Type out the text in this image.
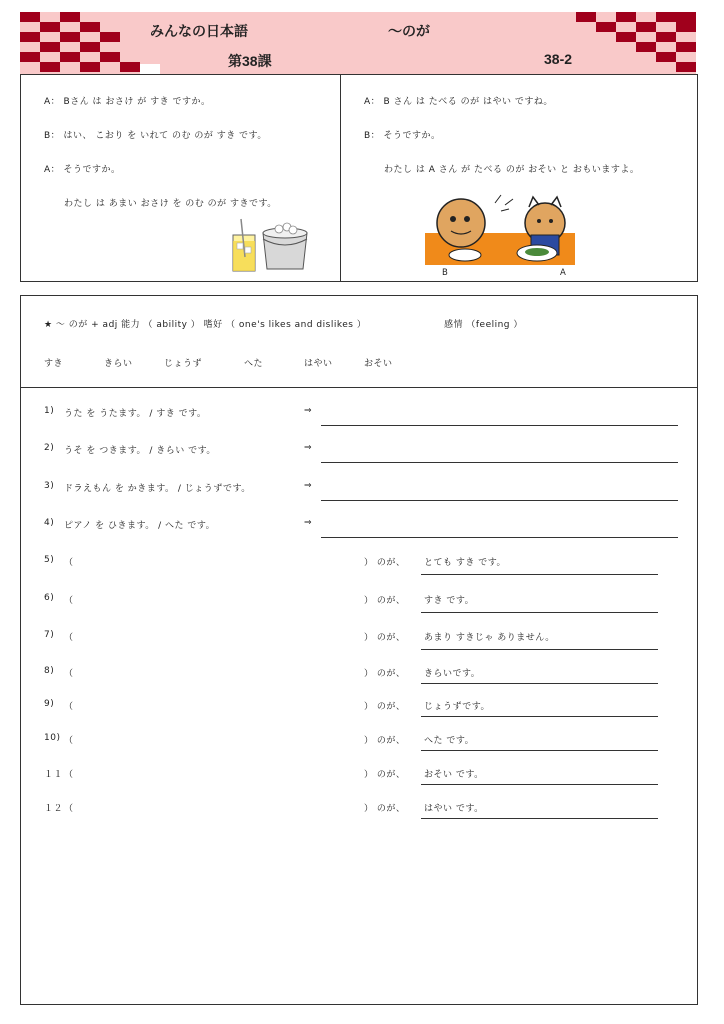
みんなの日本語	〜のが
第38課	38-2
A： Bさん は おさけ が すき ですか。
B： はい、 こおり を いれて のむ のが すき です。
A： そうですか。
わたし は あまい おさけ を のむ のが すきです。
A： B さん は たべる のが はやい ですね。
B： そうですか。
わたし は A さん が たべる のが おそい と おもいますよ。
B	A
★ 〜 のが + adj 能力 （ ability ） 嗜好 （ one's likes and dislikes ）	感情 （feeling ）
すき	きらい	じょうず	へた	はやい	おそい
1) うた を うたます。 / すき です。	⇒
2) うそ を つきます。 / きらい です。	⇒
3) ドラえもん を かきます。 / じょうずです。	⇒
4) ピアノ を ひきます。 / へた です。	⇒
5) （	） のが、 とても すき です。
6) （	） のが、 すき です。
7) （	） のが、 あまり すきじゃ ありません。
8) （	） のが、 きらいです。
9) （	） のが、 じょうずです。
10) （	） のが、 へた です。
１１ （	） のが、 おそい です。
１２ （	） のが、 はやい です。
